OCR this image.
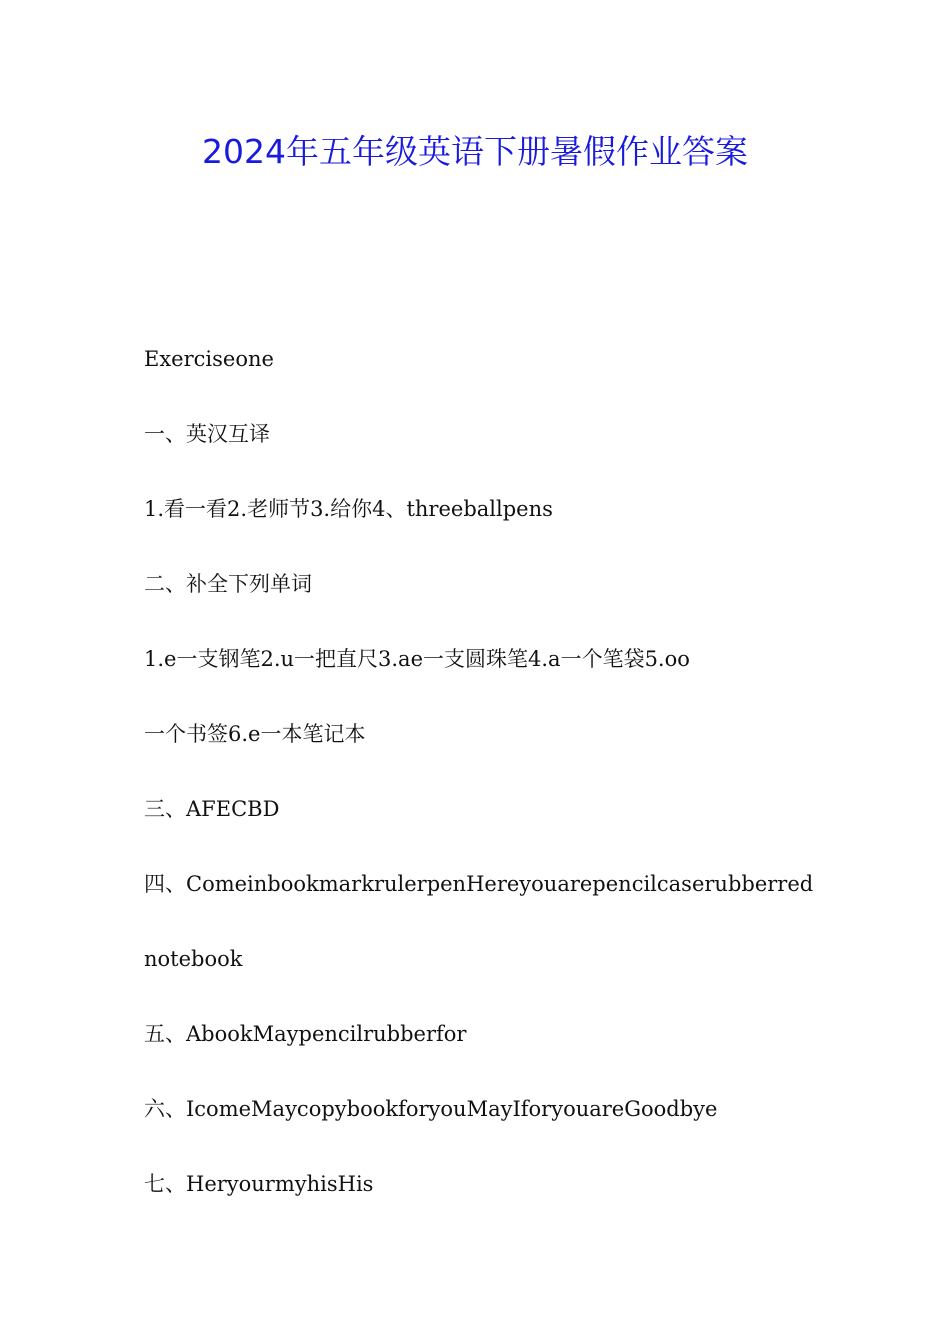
2024年五年级英语下册暑假作业答案
Exerciseone
一、英汉互译
1.看一看2.老师节3.给你4、threeballpens
二、补全下列单词
1.e一支钢笔2.u一把直尺3.ae一支圆珠笔4.a一个笔袋5.oo
一个书签6.e一本笔记本
三、AFECBD
四、ComeinbookmarkrulerpenHereyouarepencilcaserubberred
notebook
五、AbookMaypencilrubberfor
六、IcomeMaycopybookforyouMayIforyouareGoodbye
七、HeryourmyhisHis
